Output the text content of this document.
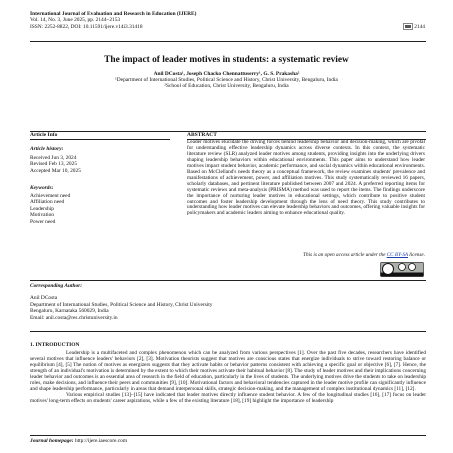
International Journal of Evaluation and Research in Education (IJERE)
Vol. 14, No. 3, June 2025, pp. 2144~2153
ISSN: 2252-8822, DOI: 10.11591/ijere.v14i3.31418	2144
The impact of leader motives in students: a systematic review
Anil DCosta¹, Joseph Chacko Chennattuserry¹, G. S. Prakasha²
¹Department of International Studies, Political Science and History, Christ University, Bengaluru, India
²School of Education, Christ University, Bengaluru, India
Article Info	ABSTRACT
Article history:
Received Jun 3, 2024
Revised Feb 13, 2025
Accepted Mar 10, 2025
Keywords:
Achievement need
Affiliation need
Leadership
Motivation
Power need
Leader motives elucidate the driving forces behind leadership behavior and decision-making, which are pivotal for understanding effective leadership dynamics across diverse contexts. In this context, the systematic literature review (SLR) analyzed leader motives among students, providing insights into the underlying drivers shaping leadership behaviors within educational environments. This paper aims to understand how leader motives impact student behavior, academic performance, and social dynamics within educational environments. Based on McClelland's needs theory as a conceptual framework, the review examines students' prevalence and manifestations of achievement, power, and affiliation motives. This study systematically reviewed 16 papers, scholarly databases, and pertinent literature published between 2007 and 2024. A preferred reporting items for systematic reviews and meta-analysis (PRISMA) method was used to report the items. The findings underscore the importance of nurturing leader motives in educational settings, which contribute to positive student outcomes and foster leadership development through the lens of need theory. This study contributes to understanding how leader motives can elevate leadership behaviors and outcomes, offering valuable insights for policymakers and academic leaders aiming to enhance educational quality.
This is an open access article under the CC BY-SA license.
Corresponding Author:
Anil DCosta
Department of International Studies, Political Science and History, Christ University
Bengaluru, Karnataka 560029, India
Email: anil.costa@res.christuniversity.in
1. INTRODUCTION

Leadership is a multifaceted and complex phenomenon which can be analyzed from various perspectives [1]. Over the past five decades, researchers have identified several motives that influence leaders' behaviors [2], [3]. Motivation theorists suggest that motives are conscious states that energize individuals to strive toward restoring balance or equilibrium [4], [5] The notion of motives as energizers suggests that they activate habits or behavior patterns consistent with achieving a specific goal or objective [6], [7]. Hence, the strength of an individual's motivation is determined by the extent to which their motives activate their habitual behavior [8]. The study of leader motives and their implications concerning leader behavior and outcomes is an essential area of research in the field of education, particularly in the lives of students. The underlying motives drive the students to take on leadership roles, make decisions, and influence their peers and communities [9], [10]. Motivational factors and behavioral tendencies captured in the leader motive profile can significantly influence and shape leadership performance, particularly in areas that demand interpersonal skills, strategic decision-making, and the management of complex institutional dynamics [11], [12].

Various empirical studies [13]–[15] have indicated that leader motives directly influence student behavior. A few of the longitudinal studies [16], [17] focus on leader motives' long-term effects on students' career aspirations, while a few of the existing literature [18], [19] highlight the importance of leadership

Journal homepage: http://ijere.iaescore.com
